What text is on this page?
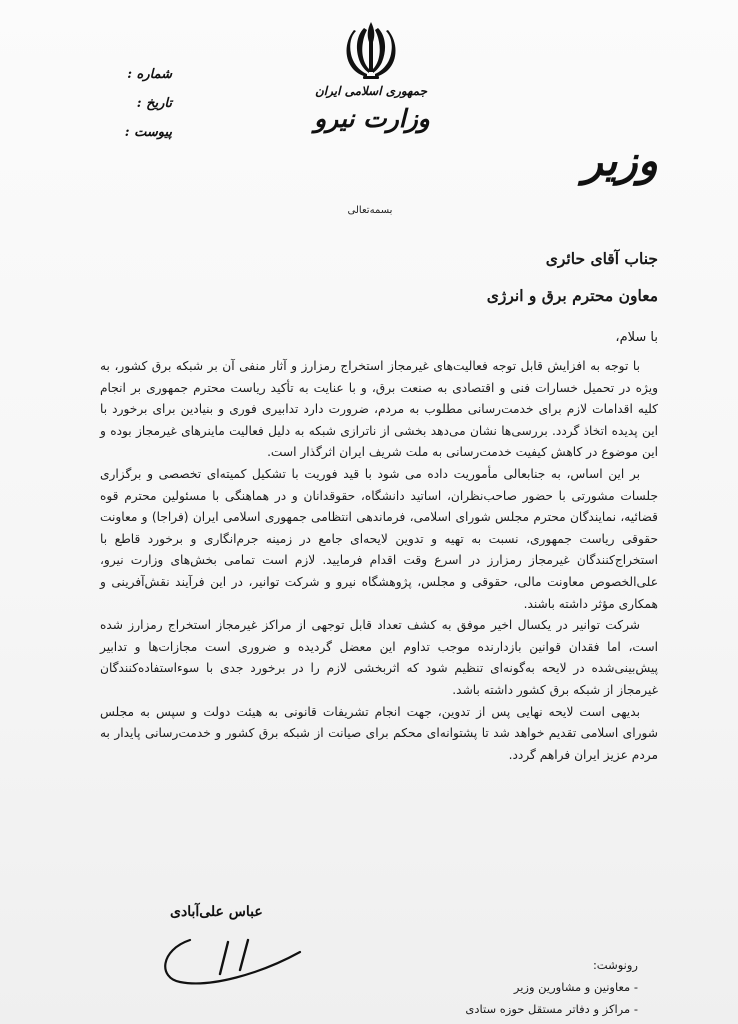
جمهوری اسلامی ایران
وزارت نیرو
شماره :
تاریخ :
پیوست :
وزیر
بسمه‌تعالی
جناب آقای حائری
معاون محترم برق و انرژی
با سلام،

با توجه به افزایش قابل توجه فعالیت‌های غیرمجاز استخراج رمزارز و آثار منفی آن بر شبکه برق کشور، به ویژه در تحمیل خسارات فنی و اقتصادی به صنعت برق، و با عنایت به تأکید ریاست محترم جمهوری بر انجام کلیه اقدامات لازم برای خدمت‌رسانی مطلوب به مردم، ضرورت دارد تدابیری فوری و بنیادین برای برخورد با این پدیده اتخاذ گردد. بررسی‌ها نشان می‌دهد بخشی از ناترازی شبکه به دلیل فعالیت ماینرهای غیرمجاز بوده و این موضوع در کاهش کیفیت خدمت‌رسانی به ملت شریف ایران اثرگذار است.

بر این اساس، به جنابعالی مأموریت داده می شود با قید فوریت با تشکیل کمیته‌ای تخصصی و برگزاری جلسات مشورتی با حضور صاحب‌نظران، اساتید دانشگاه، حقوقدانان و در هماهنگی با مسئولین محترم قوه قضائیه، نمایندگان محترم مجلس شورای اسلامی، فرماندهی انتظامی جمهوری اسلامی ایران (فراجا) و معاونت حقوقی ریاست جمهوری، نسبت به تهیه و تدوین لایحه‌ای جامع در زمینه جرم‌انگاری و برخورد قاطع با استخراج‌کنندگان غیرمجاز رمزارز در اسرع وقت اقدام فرمایید. لازم است تمامی بخش‌های وزارت نیرو، علی‌الخصوص معاونت مالی، حقوقی و مجلس، پژوهشگاه نیرو و شرکت توانیر، در این فرآیند نقش‌آفرینی و همکاری مؤثر داشته باشند.

شرکت توانیر در یکسال اخیر موفق به کشف تعداد قابل توجهی از مراکز غیرمجاز استخراج رمزارز شده است، اما فقدان قوانین بازدارنده موجب تداوم این معضل گردیده و ضروری است مجازات‌ها و تدابیر پیش‌بینی‌شده در لایحه به‌گونه‌ای تنظیم شود که اثربخشی لازم را در برخورد جدی با سوءاستفاده‌کنندگان غیرمجاز از شبکه برق کشور داشته باشد.

بدیهی است لایحه نهایی پس از تدوین، جهت انجام تشریفات قانونی به هیئت دولت و سپس به مجلس شورای اسلامی تقدیم خواهد شد تا پشتوانه‌ای محکم برای صیانت از شبکه برق کشور و خدمت‌رسانی پایدار به مردم عزیز ایران فراهم گردد.

عباس علی‌آبادی
رونوشت:
- معاونین و مشاورین وزیر
- مراکز و دفاتر مستقل حوزه ستادی
